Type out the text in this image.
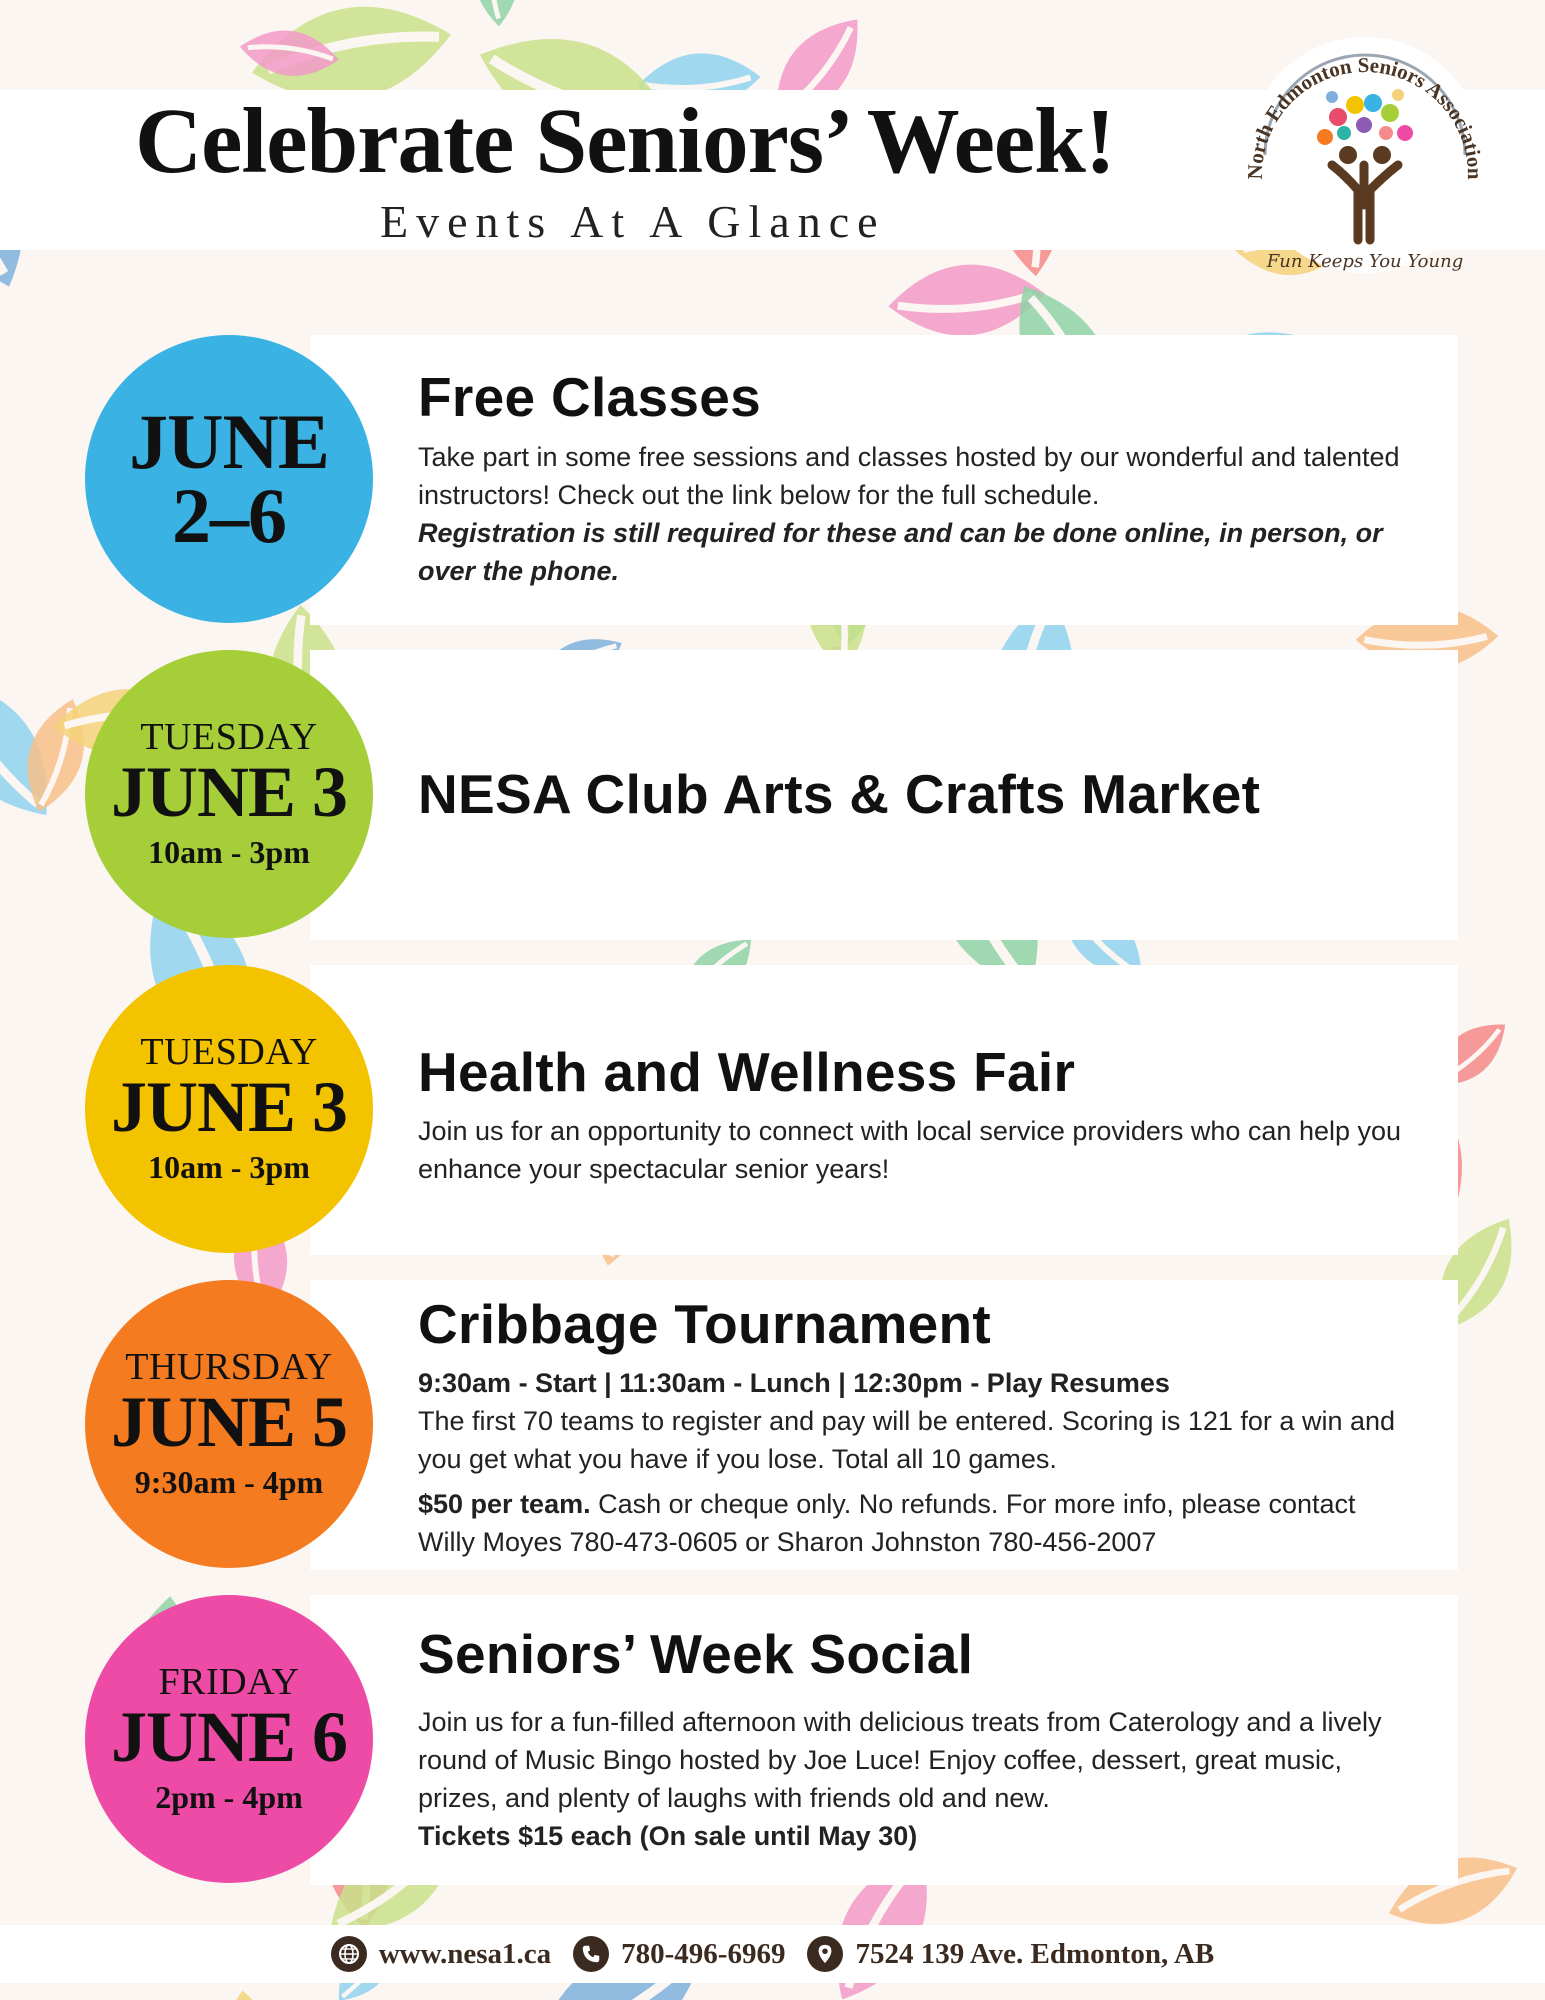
Celebrate Seniors’ Week!
Events At A Glance
North Edmonton Seniors Association
Fun Keeps You Young
JUNE
2–6
Free Classes
Take part in some free sessions and classes hosted by our wonderful and talented instructors! Check out the link below for the full schedule.
Registration is still required for these and can be done online, in person, or over the phone.
TUESDAY
JUNE 3
10am - 3pm
NESA Club Arts & Crafts Market
TUESDAY
JUNE 3
10am - 3pm
Health and Wellness Fair
Join us for an opportunity to connect with local service providers who can help you enhance your spectacular senior years!
THURSDAY
JUNE 5
9:30am - 4pm
Cribbage Tournament
9:30am - Start | 11:30am - Lunch | 12:30pm - Play Resumes
The first 70 teams to register and pay will be entered. Scoring is 121 for a win and you get what you have if you lose. Total all 10 games.
$50 per team. Cash or cheque only. No refunds. For more info, please contact Willy Moyes 780-473-0605 or Sharon Johnston 780-456-2007
FRIDAY
JUNE 6
2pm - 4pm
Seniors’ Week Social
Join us for a fun-filled afternoon with delicious treats from Caterology and a lively round of Music Bingo hosted by Joe Luce! Enjoy coffee, dessert, great music, prizes, and plenty of laughs with friends old and new.
Tickets $15 each (On sale until May 30)
www.nesa1.ca 780-496-6969 7524 139 Ave. Edmonton, AB
